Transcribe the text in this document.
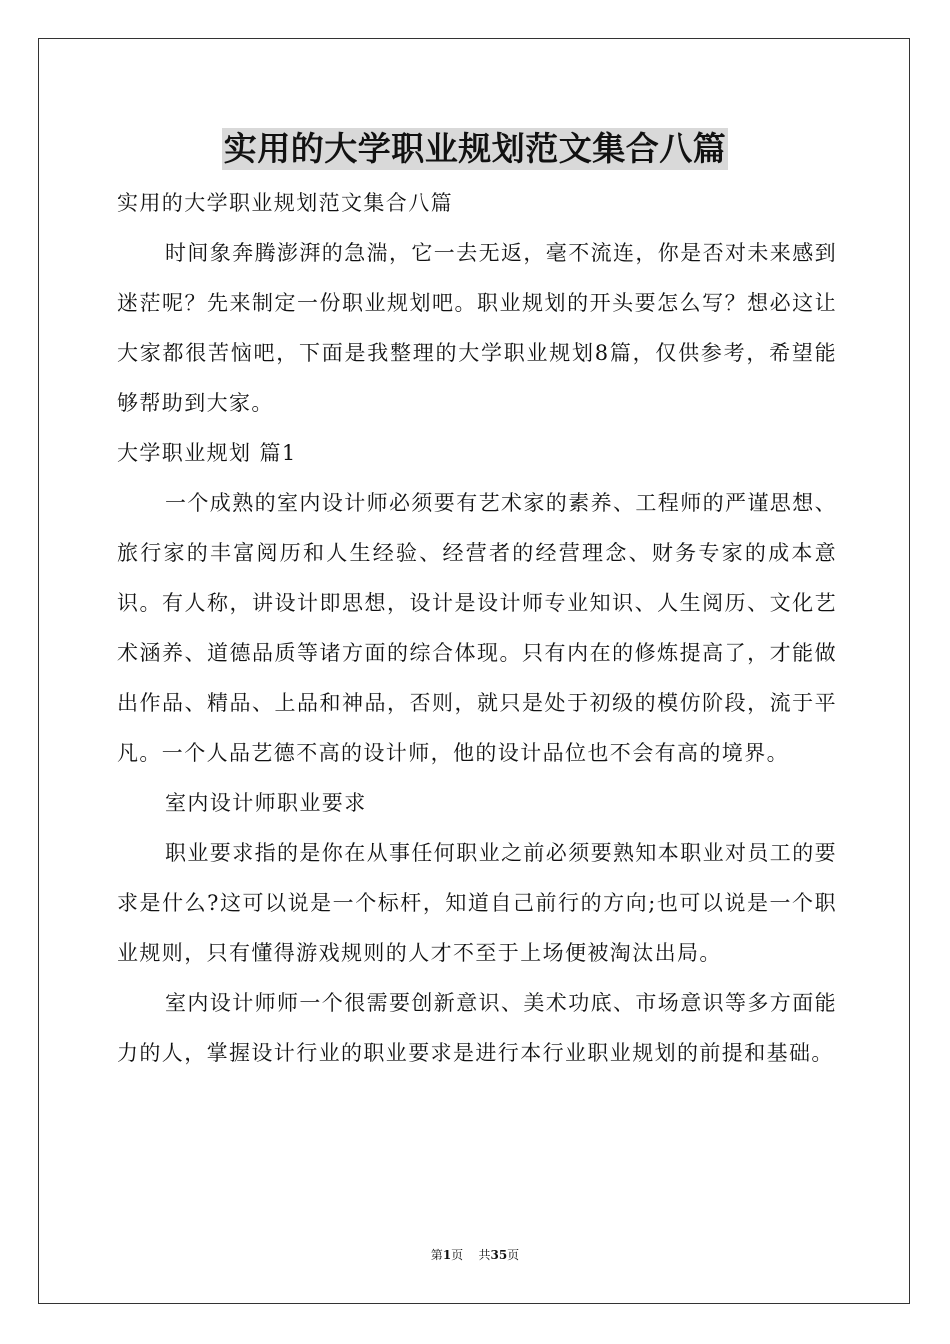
实用的大学职业规划范文集合八篇

实用的大学职业规划范文集合八篇

时间象奔腾澎湃的急湍，它一去无返，毫不流连，你是否对未来感到迷茫呢？先来制定一份职业规划吧。职业规划的开头要怎么写？想必这让大家都很苦恼吧，下面是我整理的大学职业规划8篇，仅供参考，希望能够帮助到大家。

大学职业规划 篇1

一个成熟的室内设计师必须要有艺术家的素养、工程师的严谨思想、旅行家的丰富阅历和人生经验、经营者的经营理念、财务专家的成本意识。有人称，讲设计即思想，设计是设计师专业知识、人生阅历、文化艺术涵养、道德品质等诸方面的综合体现。只有内在的修炼提高了，才能做出作品、精品、上品和神品，否则，就只是处于初级的模仿阶段，流于平凡。一个人品艺德不高的设计师，他的设计品位也不会有高的境界。

室内设计师职业要求

职业要求指的是你在从事任何职业之前必须要熟知本职业对员工的要求是什么?这可以说是一个标杆，知道自己前行的方向;也可以说是一个职业规则，只有懂得游戏规则的人才不至于上场便被淘汰出局。

室内设计师师一个很需要创新意识、美术功底、市场意识等多方面能力的人，掌握设计行业的职业要求是进行本行业职业规划的前提和基础。

第1页 共35页
